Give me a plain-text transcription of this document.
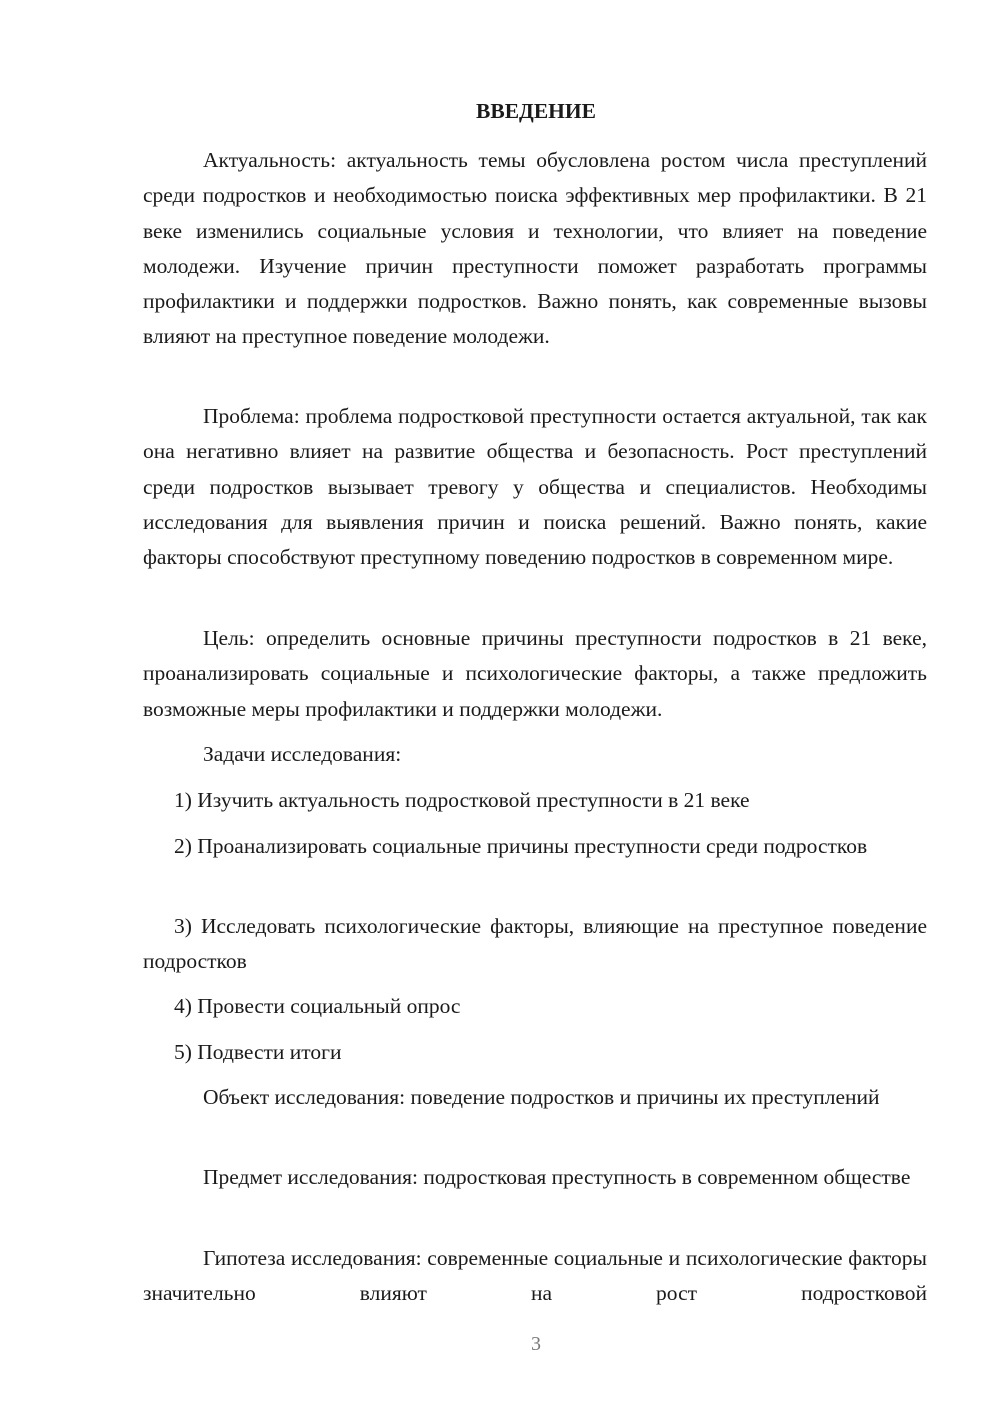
ВВЕДЕНИЕ

Актуальность: актуальность темы обусловлена ростом числа преступлений среди подростков и необходимостью поиска эффективных мер профилактики. В 21 веке изменились социальные условия и технологии, что влияет на поведение молодежи. Изучение причин преступности поможет разработать программы профилактики и поддержки подростков. Важно понять, как современные вызовы влияют на преступное поведение молодежи.

Проблема: проблема подростковой преступности остается актуальной, так как она негативно влияет на развитие общества и безопасность. Рост преступлений среди подростков вызывает тревогу у общества и специалистов. Необходимы исследования для выявления причин и поиска решений. Важно понять, какие факторы способствуют преступному поведению подростков в современном мире.

Цель: определить основные причины преступности подростков в 21 веке, проанализировать социальные и психологические факторы, а также предложить возможные меры профилактики и поддержки молодежи.

Задачи исследования:

1) Изучить актуальность подростковой преступности в 21 веке

2) Проанализировать социальные причины преступности среди подростков

3) Исследовать психологические факторы, влияющие на преступное поведение подростков

4) Провести социальный опрос

5) Подвести итоги

Объект исследования: поведение подростков и причины их преступлений

Предмет исследования: подростковая преступность в современном обществе

Гипотеза исследования: современные социальные и психологические факторы значительно влияют на рост подростковой

3
